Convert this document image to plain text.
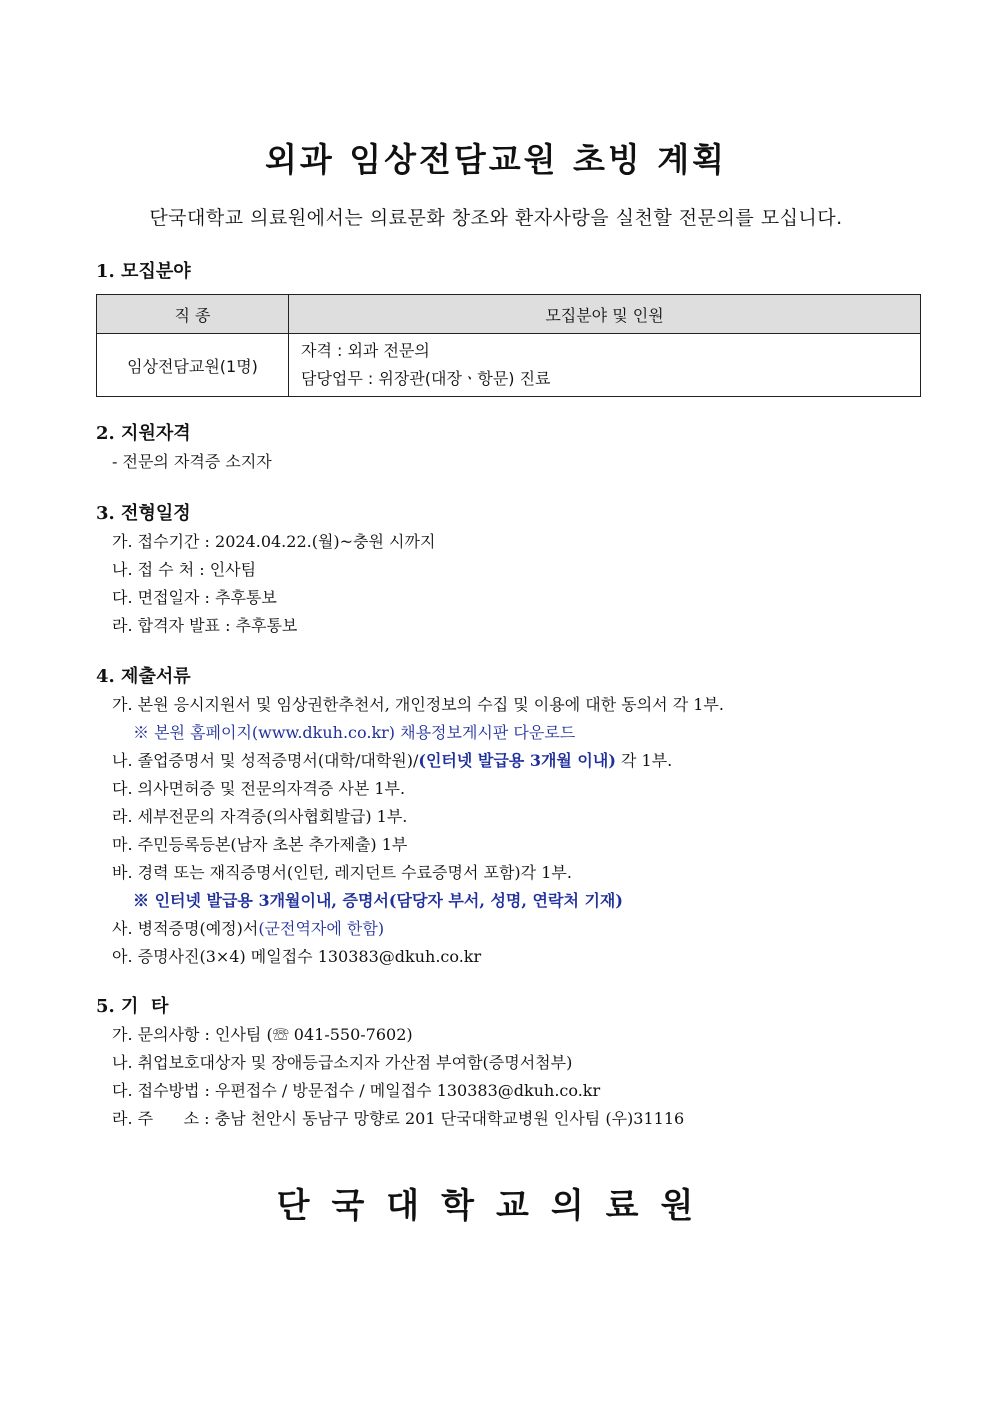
외과 임상전담교원 초빙 계획
단국대학교 의료원에서는 의료문화 창조와 환자사랑을 실천할 전문의를 모십니다.
1. 모집분야
직 종	모집분야 및 인원
임상전담교원(1명)	자격 : 외과 전문의
담당업무 : 위장관(대장ㆍ항문) 진료
2. 지원자격
- 전문의 자격증 소지자
3. 전형일정
가. 접수기간 : 2024.04.22.(월)~충원 시까지
나. 접 수 처 : 인사팀
다. 면접일자 : 추후통보
라. 합격자 발표 : 추후통보
4. 제출서류
가. 본원 응시지원서 및 임상권한추천서, 개인정보의 수집 및 이용에 대한 동의서 각 1부.
※ 본원 홈페이지(www.dkuh.co.kr) 채용정보게시판 다운로드
나. 졸업증명서 및 성적증명서(대학/대학원)/(인터넷 발급용 3개월 이내) 각 1부.
다. 의사면허증 및 전문의자격증 사본 1부.
라. 세부전문의 자격증(의사협회발급) 1부.
마. 주민등록등본(남자 초본 추가제출) 1부
바. 경력 또는 재직증명서(인턴, 레지던트 수료증명서 포함)각 1부.
※ 인터넷 발급용 3개월이내, 증명서(담당자 부서, 성명, 연락처 기재)
사. 병적증명(예정)서(군전역자에 한함)
아. 증명사진(3×4) 메일접수 130383@dkuh.co.kr
5. 기  타
가. 문의사항 : 인사팀 (☏ 041-550-7602)
나. 취업보호대상자 및 장애등급소지자 가산점 부여함(증명서첨부)
다. 접수방법 : 우편접수 / 방문접수 / 메일접수 130383@dkuh.co.kr
라. 주      소 : 충남 천안시 동남구 망향로 201 단국대학교병원 인사팀 (우)31116
단국대학교의료원
